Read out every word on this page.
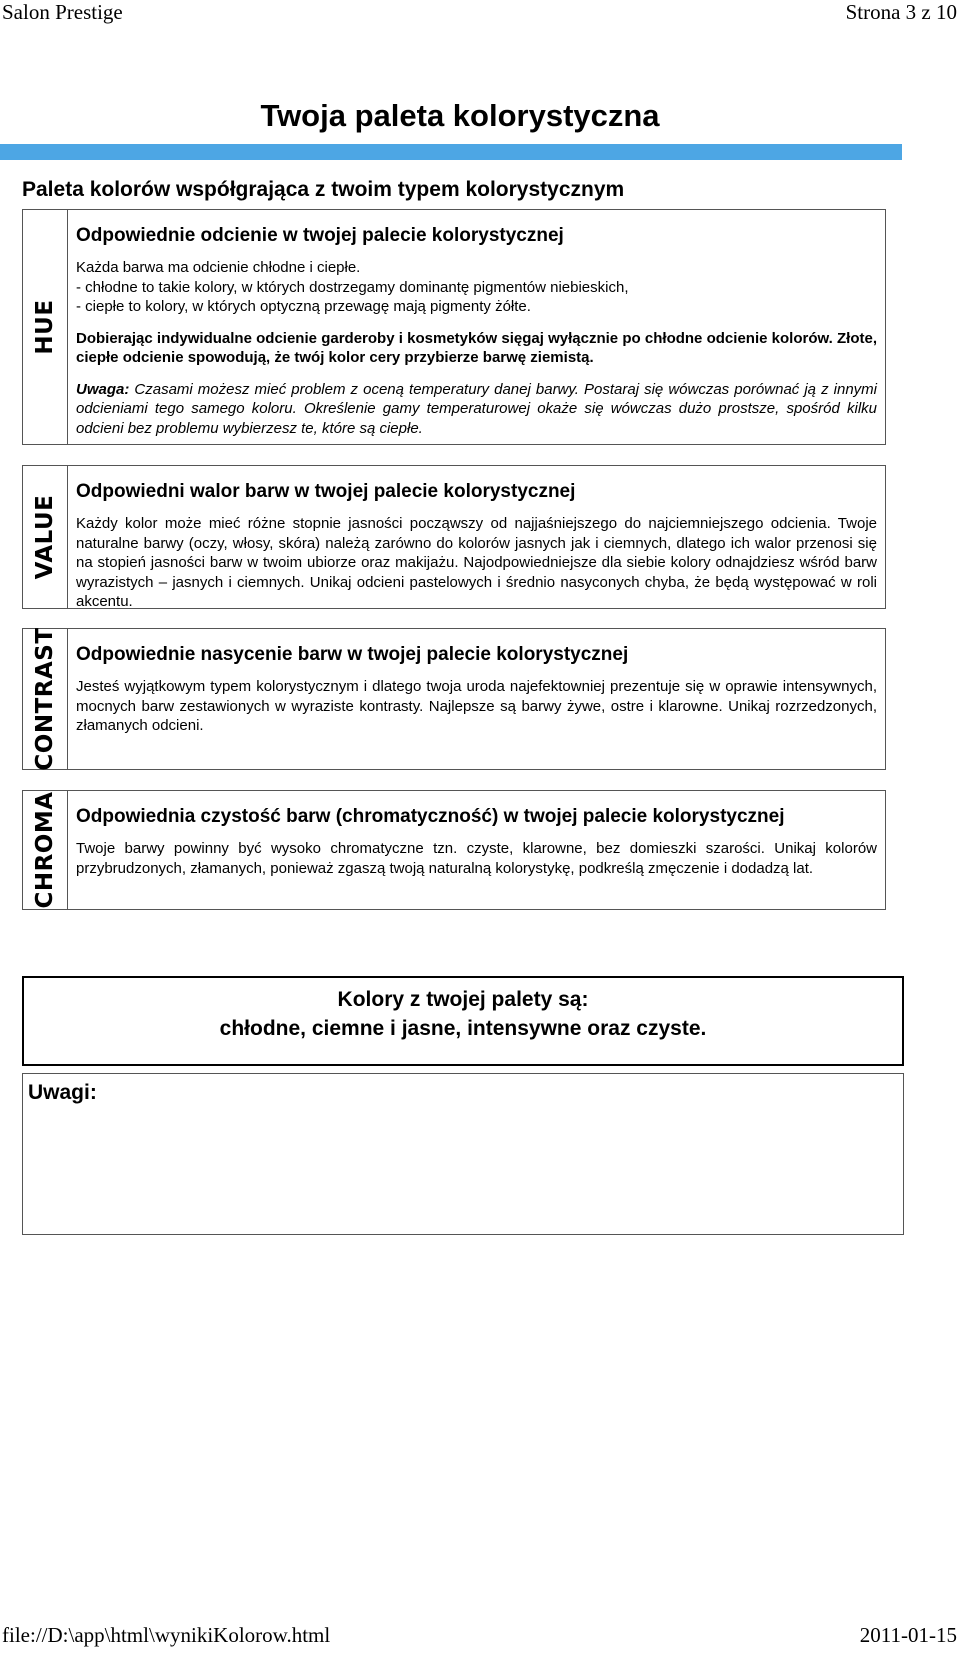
Salon Prestige	Strona 3 z 10
Twoja paleta kolorystyczna
Paleta kolorów współgrająca z twoim typem kolorystycznym
HUE
Odpowiednie odcienie w twojej palecie kolorystycznej

Każda barwa ma odcienie chłodne i ciepłe.
- chłodne to takie kolory, w których dostrzegamy dominantę pigmentów niebieskich,
- ciepłe to kolory, w których optyczną przewagę mają pigmenty żółte.

Dobierając indywidualne odcienie garderoby i kosmetyków sięgaj wyłącznie po chłodne odcienie kolorów. Złote, ciepłe odcienie spowodują, że twój kolor cery przybierze barwę ziemistą.

Uwaga: Czasami możesz mieć problem z oceną temperatury danej barwy. Postaraj się wówczas porównać ją z innymi odcieniami tego samego koloru. Określenie gamy temperaturowej okaże się wówczas dużo prostsze, spośród kilku odcieni bez problemu wybierzesz te, które są ciepłe.

VALUE
Odpowiedni walor barw w twojej palecie kolorystycznej

Każdy kolor może mieć różne stopnie jasności począwszy od najjaśniejszego do najciemniejszego odcienia. Twoje naturalne barwy (oczy, włosy, skóra) należą zarówno do kolorów jasnych jak i ciemnych, dlatego ich walor przenosi się na stopień jasności barw w twoim ubiorze oraz makijażu. Najodpowiedniejsze dla siebie kolory odnajdziesz wśród barw wyrazistych – jasnych i ciemnych. Unikaj odcieni pastelowych i średnio nasyconych chyba, że będą występować w roli akcentu.

CONTRAST Odpowiednie nasycenie barw w twojej palecie kolorystycznej

Jesteś wyjątkowym typem kolorystycznym i dlatego twoja uroda najefektowniej prezentuje się w oprawie intensywnych, mocnych barw zestawionych w wyraziste kontrasty. Najlepsze są barwy żywe, ostre i klarowne. Unikaj rozrzedzonych, złamanych odcieni.

CHROMA Odpowiednia czystość barw (chromatyczność) w twojej palecie kolorystycznej

Twoje barwy powinny być wysoko chromatyczne tzn. czyste, klarowne, bez domieszki szarości. Unikaj kolorów przybrudzonych, złamanych, ponieważ zgaszą twoją naturalną kolorystykę, podkreślą zmęczenie i dodadzą lat.

Kolory z twojej palety są:
chłodne, ciemne i jasne, intensywne oraz czyste.
Uwagi:
file://D:\app\html\wynikiKolorow.html	2011-01-15
